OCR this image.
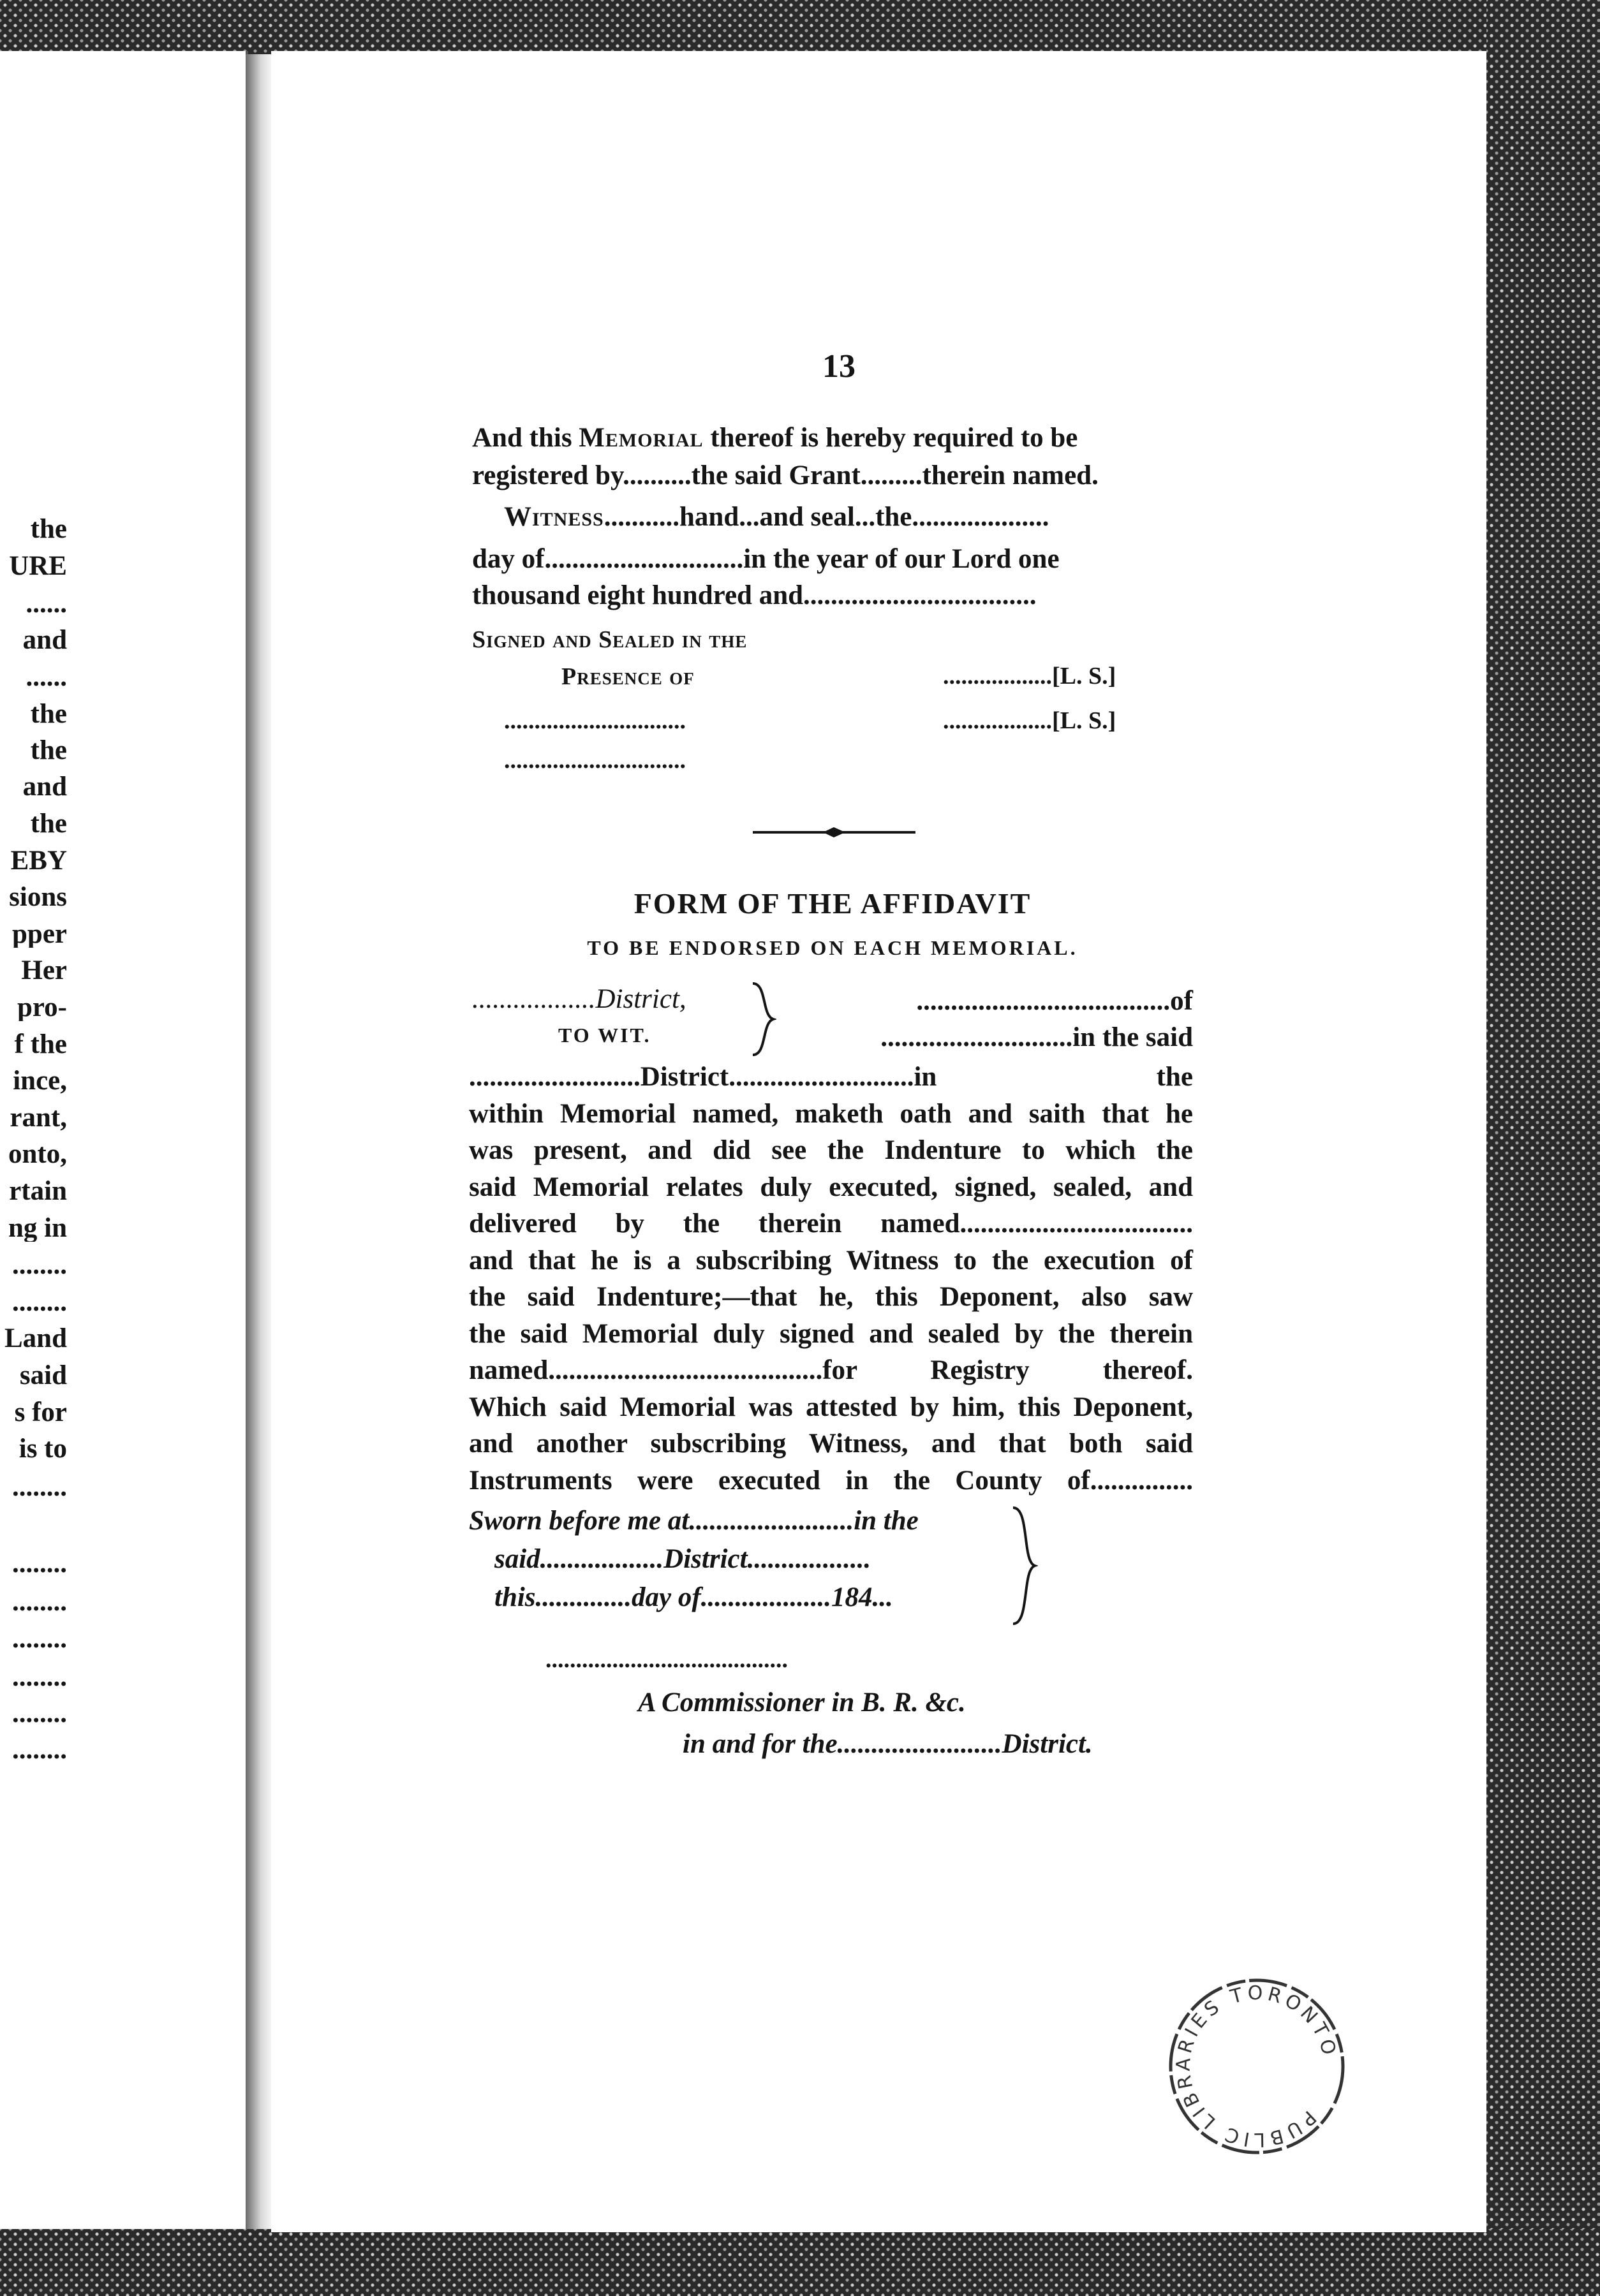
the
URE
......
and
......
the
the
and
the
EBY
sions
pper
Her
pro-
f the
ince,
rant,
onto,
rtain
ng in
........
........
Land
said
s for
is to
........
........
........
........
........
........
........
13
And this Memorial thereof is hereby required to be
registered by..........the said Grant.........therein named.
Witness...........hand...and seal...the....................
day of.............................in the year of our Lord one
thousand eight hundred and..................................
Signed and Sealed in the
Presence of	..................[L. S.]
..............................	..................[L. S.]
..............................
FORM OF THE AFFIDAVIT
TO BE ENDORSED ON EACH MEMORIAL.
..................District,
TO WIT.
.....................................of
............................in the said
.........................District...........................in the
within Memorial named, maketh oath and saith that he
was present, and did see the Indenture to which the
said Memorial relates duly executed, signed, sealed, and
delivered by the therein named..................................
and that he is a subscribing Witness to the execution of
the said Indenture;—that he, this Deponent, also saw
the said Memorial duly signed and sealed by the therein
named........................................for Registry thereof.
Which said Memorial was attested by him, this Deponent,
and another subscribing Witness, and that both said
Instruments were executed in the County of...............
Sworn before me at........................in the
said..................District..................
this..............day of...................184...
........................................
A Commissioner in B. R. &c.
in and for the........................District.
PUBLIC LIBRARIES TORONTO
